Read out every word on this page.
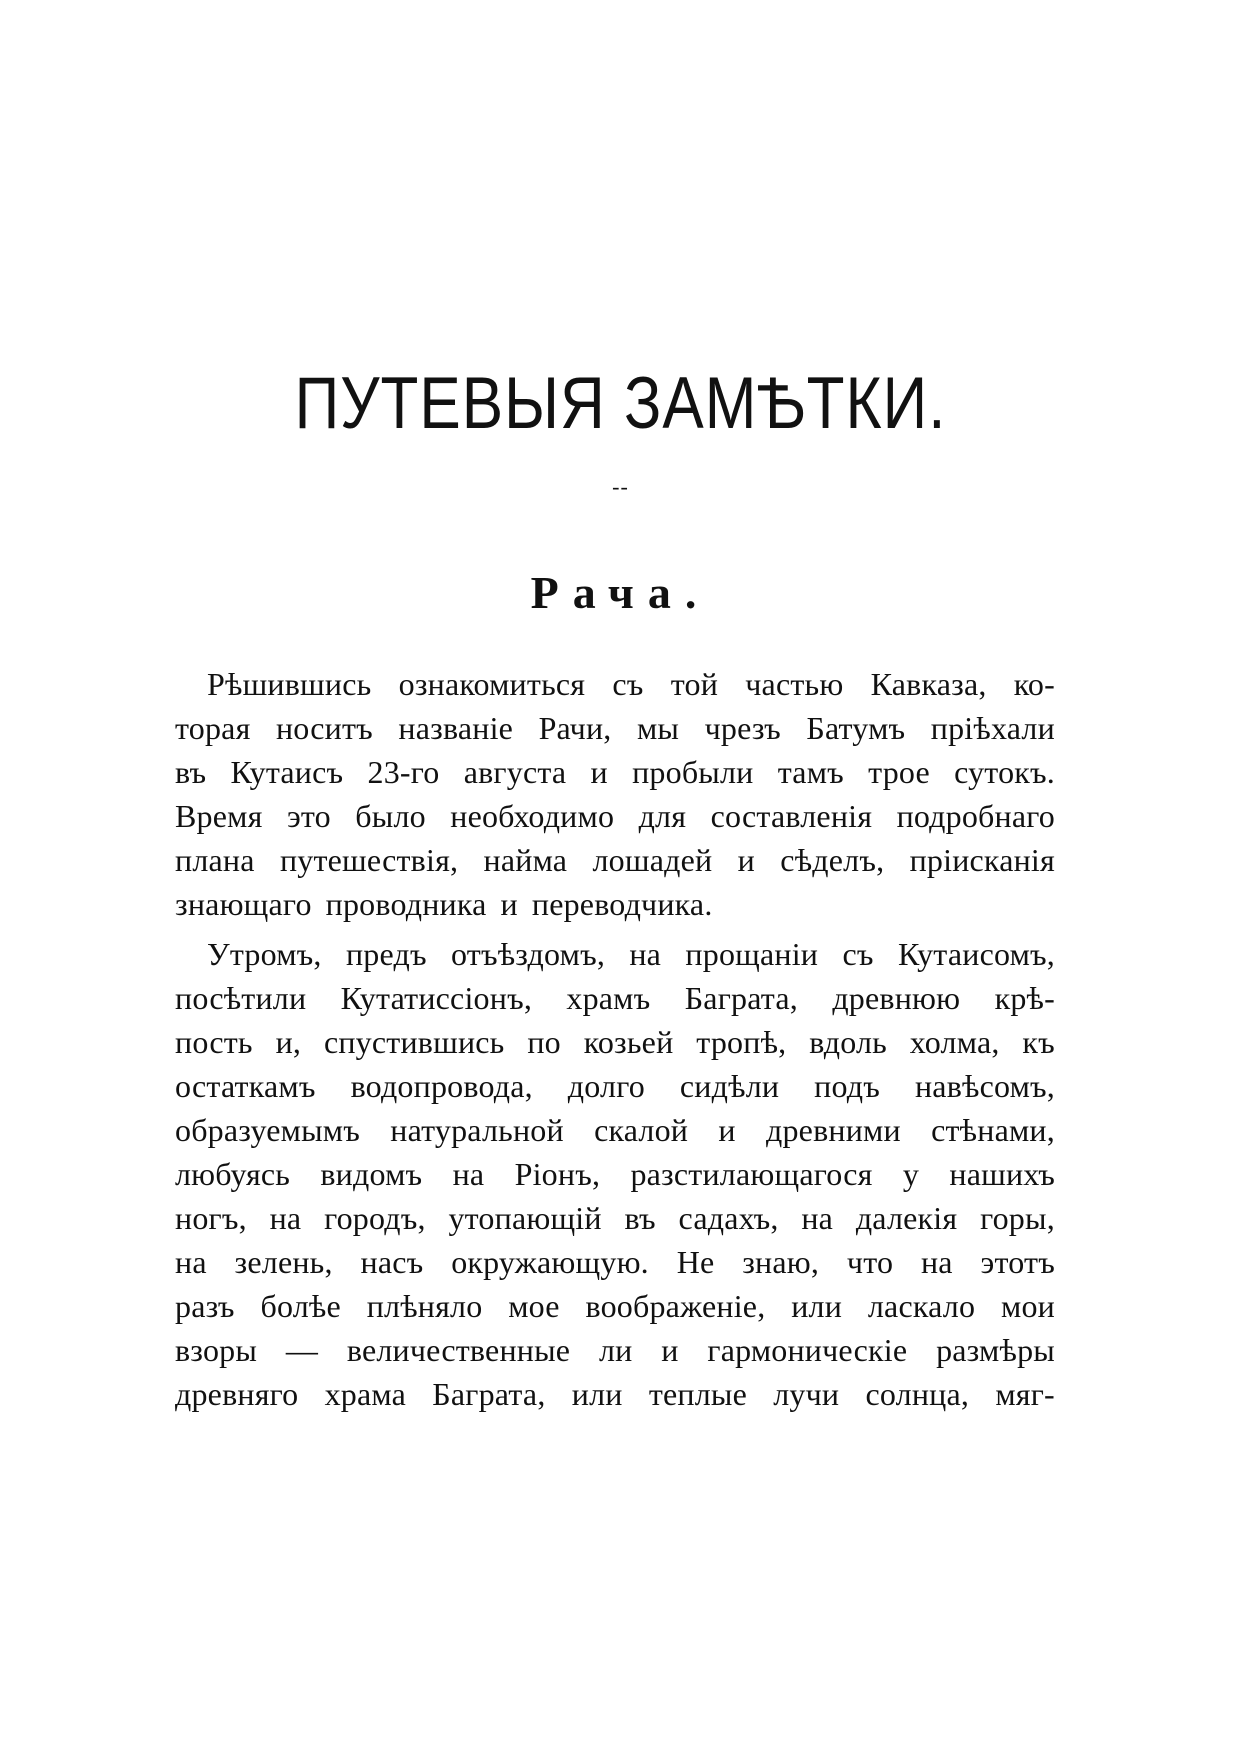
ПУТЕВЫЯ ЗАМѢТКИ.
--
Рача.
Рѣшившись ознакомиться съ той частью Кавказа, ко-
торая носитъ названіе Рачи, мы чрезъ Батумъ пріѣхали
въ Кутаисъ 23-го августа и пробыли тамъ трое сутокъ.
Время это было необходимо для составленія подробнаго
плана путешествія, найма лошадей и сѣделъ, прiисканія
знающаго проводника и переводчика.
Утромъ, предъ отъѣздомъ, на прощаніи съ Кутаисомъ,
посѣтили Кутатиссіонъ, храмъ Баграта, древнюю крѣ-
пость и, спустившись по козьей тропѣ, вдоль холма, къ
остаткамъ водопровода, долго сидѣли подъ навѣсомъ,
образуемымъ натуральной скалой и древними стѣнами,
любуясь видомъ на Ріонъ, разстилающагося у нашихъ
ногъ, на городъ, утопающій въ садахъ, на далекія горы,
на зелень, насъ окружающую. Не знаю, что на этотъ
разъ болѣе плѣняло мое воображеніе, или ласкало мои
взоры — величественные ли и гармоническіе размѣры
древняго храма Баграта, или теплые лучи солнца, мяг-
